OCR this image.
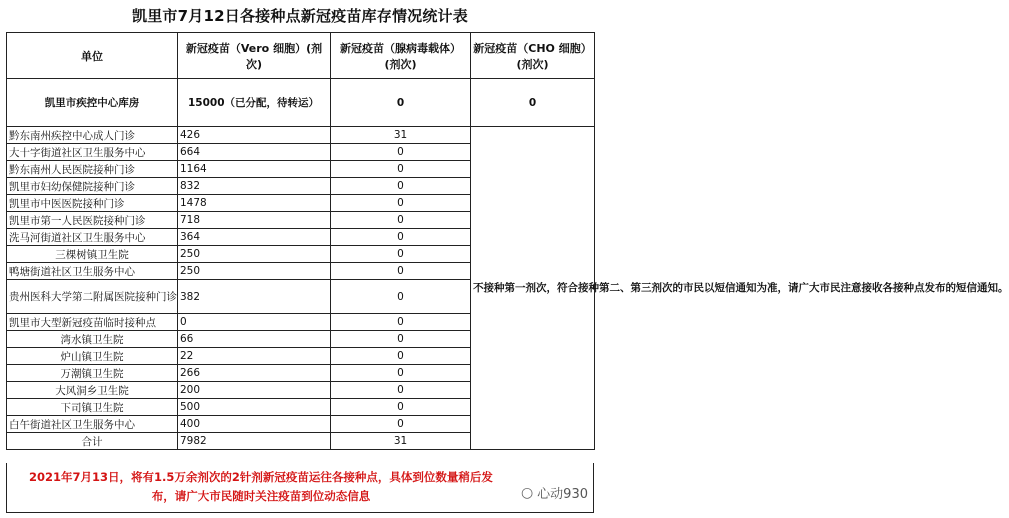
凯里市7月12日各接种点新冠疫苗库存情况统计表
单位	新冠疫苗（Vero 细胞）(剂次)	新冠疫苗（腺病毒载体）(剂次)	新冠疫苗（CHO 细胞）(剂次)
凯里市疾控中心库房	15000（已分配，待转运）	0	0
黔东南州疾控中心成人门诊	426	31	不接种第一剂次，符合接种第二、第三剂次的市民以短信通知为准，请广大市民注意接收各接种点发布的短信通知。
大十字街道社区卫生服务中心	664	0	
黔东南州人民医院接种门诊	1164	0	
凯里市妇幼保健院接种门诊	832	0	
凯里市中医医院接种门诊	1478	0	
凯里市第一人民医院接种门诊	718	0	
洗马河街道社区卫生服务中心	364	0	
三棵树镇卫生院	250	0	
鸭塘街道社区卫生服务中心	250	0	
贵州医科大学第二附属医院接种门诊	382	0	
凯里市大型新冠疫苗临时接种点	0	0	
湾水镇卫生院	66	0	
炉山镇卫生院	22	0	
万潮镇卫生院	266	0	
大风洞乡卫生院	200	0	
下司镇卫生院	500	0	
白午街道社区卫生服务中心	400	0	
合计	7982	31	
2021年7月13日，将有1.5万余剂次的2针剂新冠疫苗运往各接种点，具体到位数量稍后发布，请广大市民随时关注疫苗到位动态信息	○ 心动930
